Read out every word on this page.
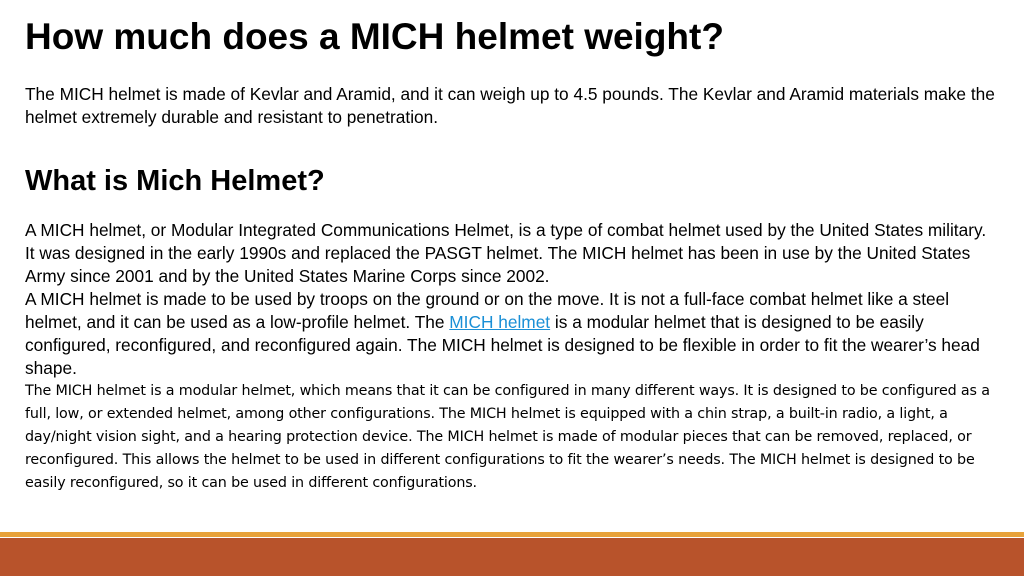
How much does a MICH helmet weight?

The MICH helmet is made of Kevlar and Aramid, and it can weigh up to 4.5 pounds. The Kevlar and Aramid materials make the helmet extremely durable and resistant to penetration.

What is Mich Helmet?

A MICH helmet, or Modular Integrated Communications Helmet, is a type of combat helmet used by the United States military. It was designed in the early 1990s and replaced the PASGT helmet. The MICH helmet has been in use by the United States Army since 2001 and by the United States Marine Corps since 2002.

A MICH helmet is made to be used by troops on the ground or on the move. It is not a full-face combat helmet like a steel helmet, and it can be used as a low-profile helmet. The MICH helmet is a modular helmet that is designed to be easily configured, reconfigured, and reconfigured again. The MICH helmet is designed to be flexible in order to fit the wearer’s head shape.

The MICH helmet is a modular helmet, which means that it can be configured in many different ways. It is designed to be configured as a full, low, or extended helmet, among other configurations. The MICH helmet is equipped with a chin strap, a built-in radio, a light, a day/night vision sight, and a hearing protection device. The MICH helmet is made of modular pieces that can be removed, replaced, or reconfigured. This allows the helmet to be used in different configurations to fit the wearer’s needs. The MICH helmet is designed to be easily reconfigured, so it can be used in different configurations.
